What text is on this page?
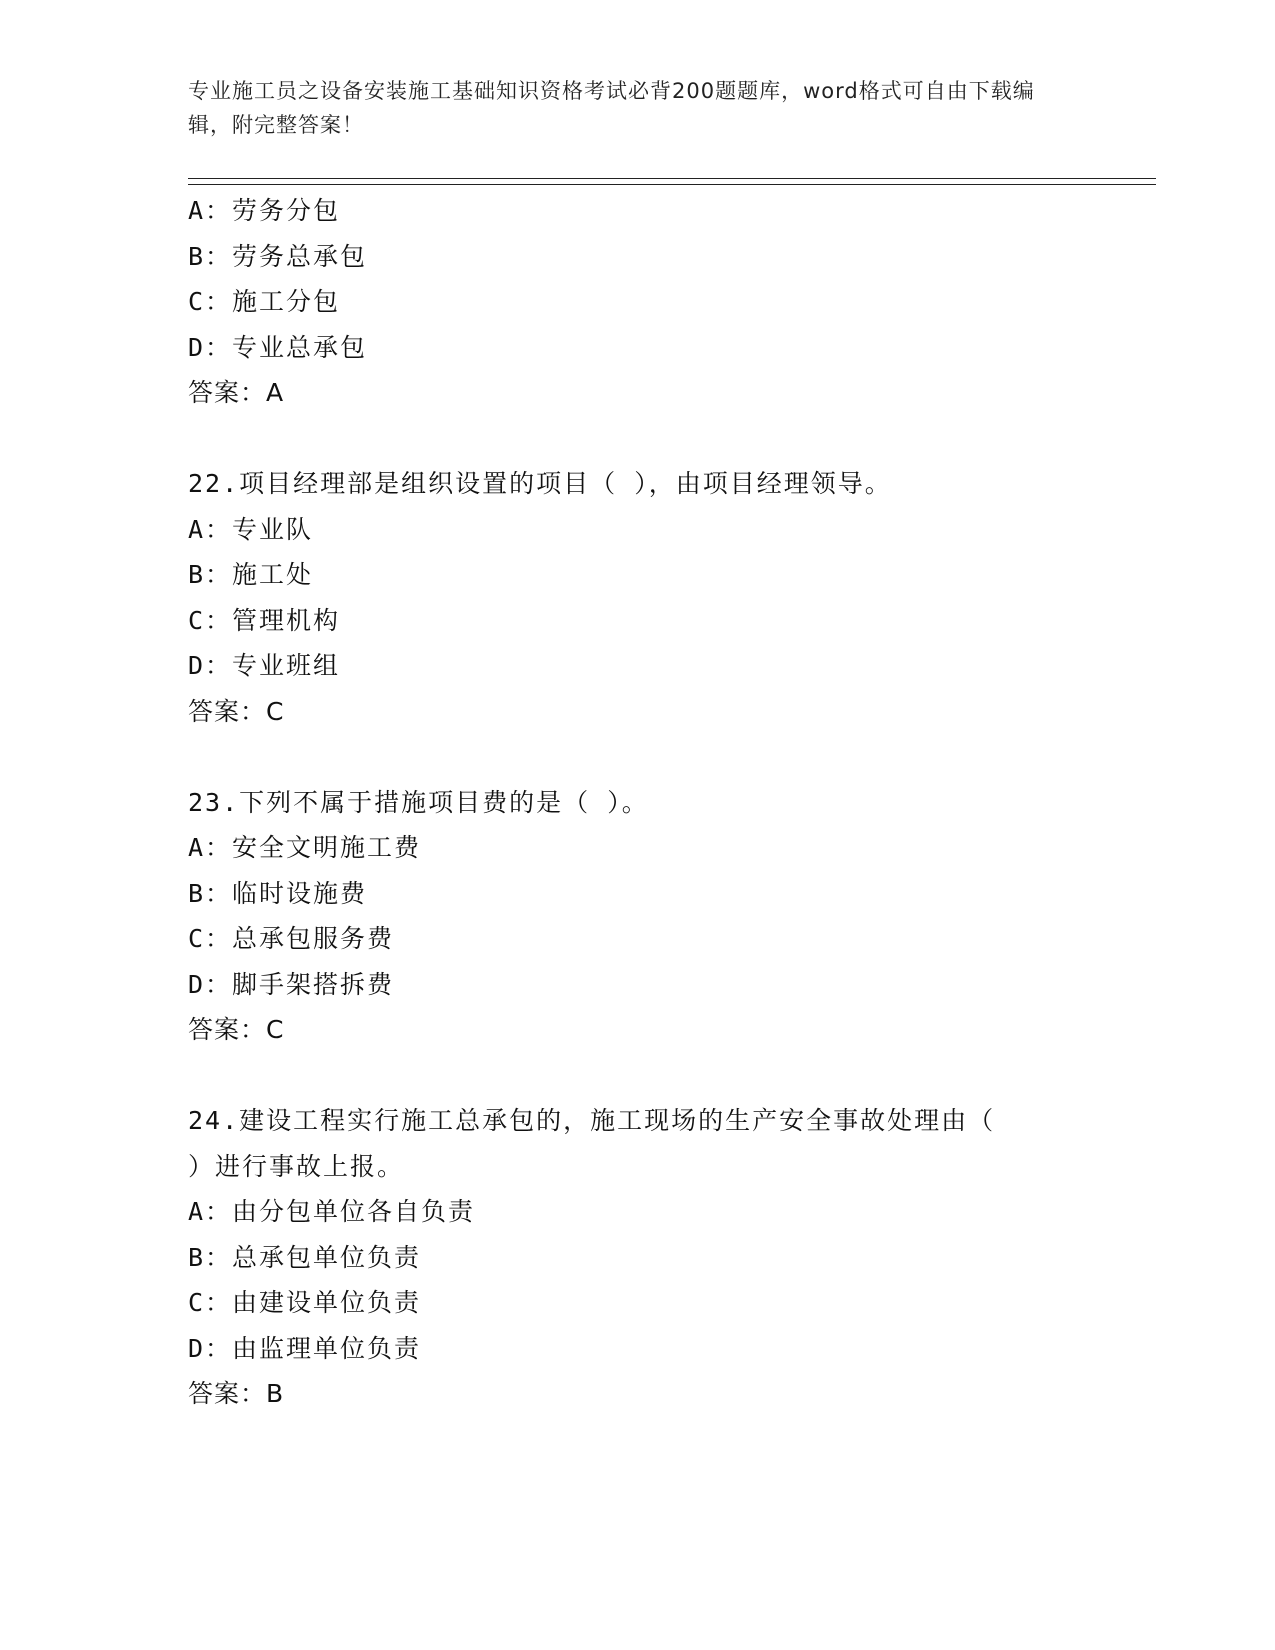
专业施工员之设备安装施工基础知识资格考试必背200题题库，word格式可自由下载编辑，附完整答案！
A：劳务分包
B：劳务总承包
C：施工分包
D：专业总承包
答案：A
22.项目经理部是组织设置的项目（ ），由项目经理领导。
A：专业队
B：施工处
C：管理机构
D：专业班组
答案：C
23.下列不属于措施项目费的是（ ）。
A：安全文明施工费
B：临时设施费
C：总承包服务费
D：脚手架搭拆费
答案：C
24.建设工程实行施工总承包的，施工现场的生产安全事故处理由（
）进行事故上报。
A：由分包单位各自负责
B：总承包单位负责
C：由建设单位负责
D：由监理单位负责
答案：B
